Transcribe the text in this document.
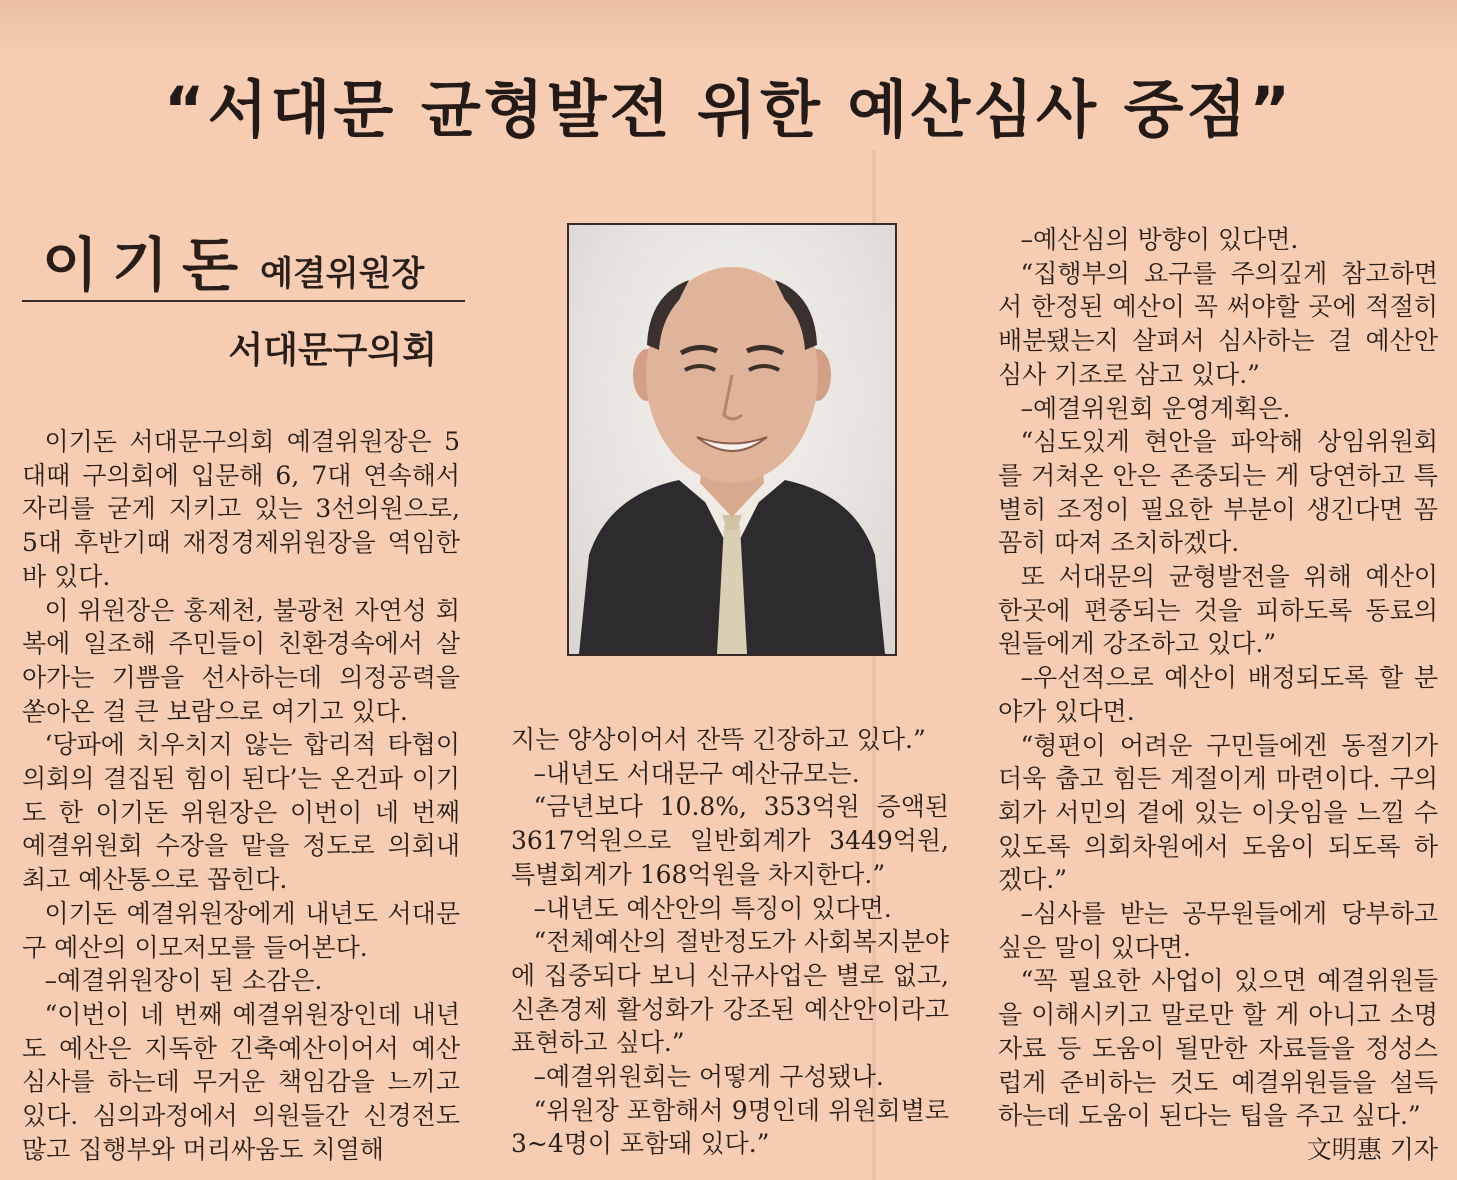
“서대문 균형발전 위한 예산심사 중점”
이기돈 예결위원장
서대문구의회

이기돈 서대문구의회 예결위원장은 5대때 구의회에 입문해 6, 7대 연속해서 자리를 굳게 지키고 있는 3선의원으로, 5대 후반기때 재정경제위원장을 역임한 바 있다.

이 위원장은 홍제천, 불광천 자연성 회복에 일조해 주민들이 친환경속에서 살아가는 기쁨을 선사하는데 의정공력을 쏟아온 걸 큰 보람으로 여기고 있다.

‘당파에 치우치지 않는 합리적 타협이 의회의 결집된 힘이 된다’는 온건파 이기도 한 이기돈 위원장은 이번이 네 번째 예결위원회 수장을 맡을 정도로 의회내 최고 예산통으로 꼽힌다.

이기돈 예결위원장에게 내년도 서대문구 예산의 이모저모를 들어본다.

–예결위원장이 된 소감은.

“이번이 네 번째 예결위원장인데 내년도 예산은 지독한 긴축예산이어서 예산심사를 하는데 무거운 책임감을 느끼고 있다. 심의과정에서 의원들간 신경전도 많고 집행부와 머리싸움도 치열해

지는 양상이어서 잔뜩 긴장하고 있다.”

–내년도 서대문구 예산규모는.

“금년보다 10.8%, 353억원 증액된 3617억원으로 일반회계가 3449억원, 특별회계가 168억원을 차지한다.”

–내년도 예산안의 특징이 있다면.

“전체예산의 절반정도가 사회복지분야에 집중되다 보니 신규사업은 별로 없고, 신촌경제 활성화가 강조된 예산안이라고 표현하고 싶다.”

–예결위원회는 어떻게 구성됐나.

“위원장 포함해서 9명인데 위원회별로 3~4명이 포함돼 있다.”

–예산심의 방향이 있다면.

“집행부의 요구를 주의깊게 참고하면서 한정된 예산이 꼭 써야할 곳에 적절히 배분됐는지 살펴서 심사하는 걸 예산안 심사 기조로 삼고 있다.”

–예결위원회 운영계획은.

“심도있게 현안을 파악해 상임위원회를 거쳐온 안은 존중되는 게 당연하고 특별히 조정이 필요한 부분이 생긴다면 꼼꼼히 따져 조치하겠다.

또 서대문의 균형발전을 위해 예산이 한곳에 편중되는 것을 피하도록 동료의원들에게 강조하고 있다.”

–우선적으로 예산이 배정되도록 할 분야가 있다면.

“형편이 어려운 구민들에겐 동절기가 더욱 춥고 힘든 계절이게 마련이다. 구의회가 서민의 곁에 있는 이웃임을 느낄 수 있도록 의회차원에서 도움이 되도록 하겠다.”

–심사를 받는 공무원들에게 당부하고 싶은 말이 있다면.

“꼭 필요한 사업이 있으면 예결위원들을 이해시키고 말로만 할 게 아니고 소명자료 등 도움이 될만한 자료들을 정성스럽게 준비하는 것도 예결위원들을 설득하는데 도움이 된다는 팁을 주고 싶다.”

文明惠 기자
